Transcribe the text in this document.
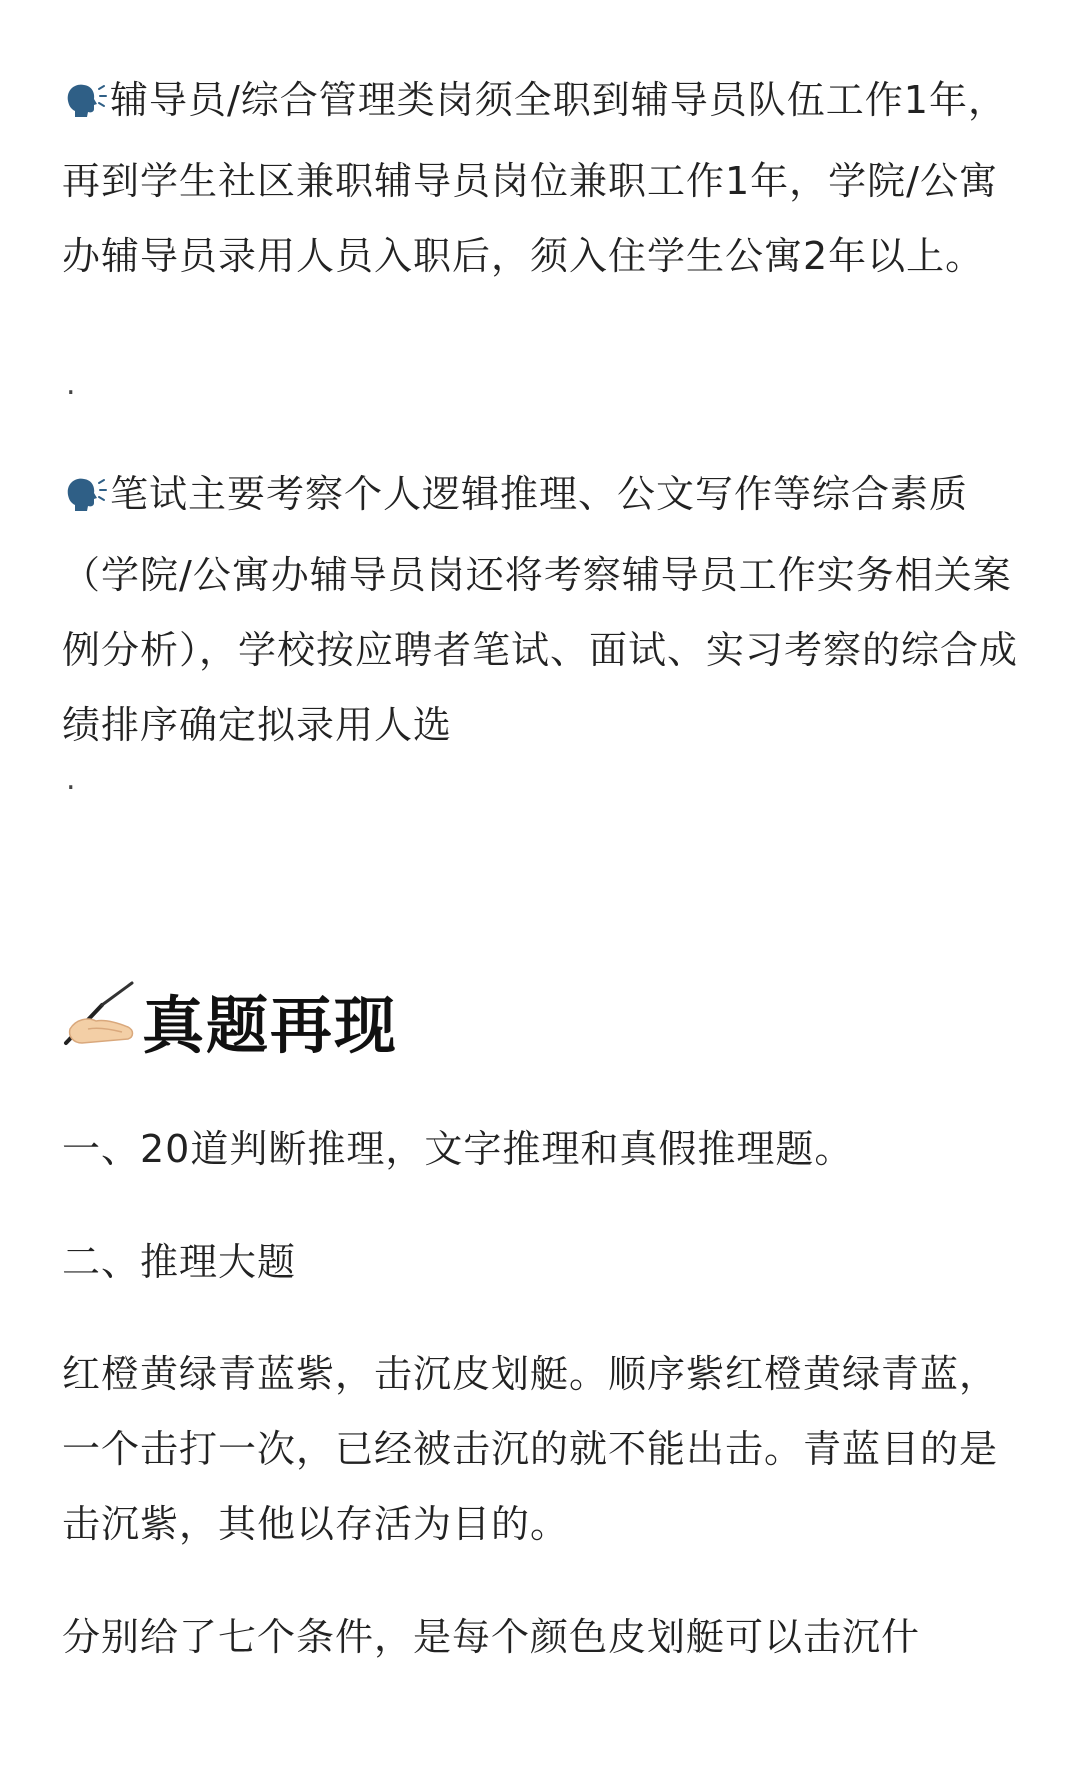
辅导员/综合管理类岗须全职到辅导员队伍工作1年，再到学生社区兼职辅导员岗位兼职工作1年，学院/公寓办辅导员录用人员入职后，须入住学生公寓2年以上。

.

笔试主要考察个人逻辑推理、公文写作等综合素质（学院/公寓办辅导员岗还将考察辅导员工作实务相关案例分析），学校按应聘者笔试、面试、实习考察的综合成绩排序确定拟录用人选

.
真题再现

一、20道判断推理，文字推理和真假推理题。

二、推理大题

红橙黄绿青蓝紫，击沉皮划艇。顺序紫红橙黄绿青蓝，一个击打一次，已经被击沉的就不能出击。青蓝目的是击沉紫，其他以存活为目的。

分别给了七个条件，是每个颜色皮划艇可以击沉什
